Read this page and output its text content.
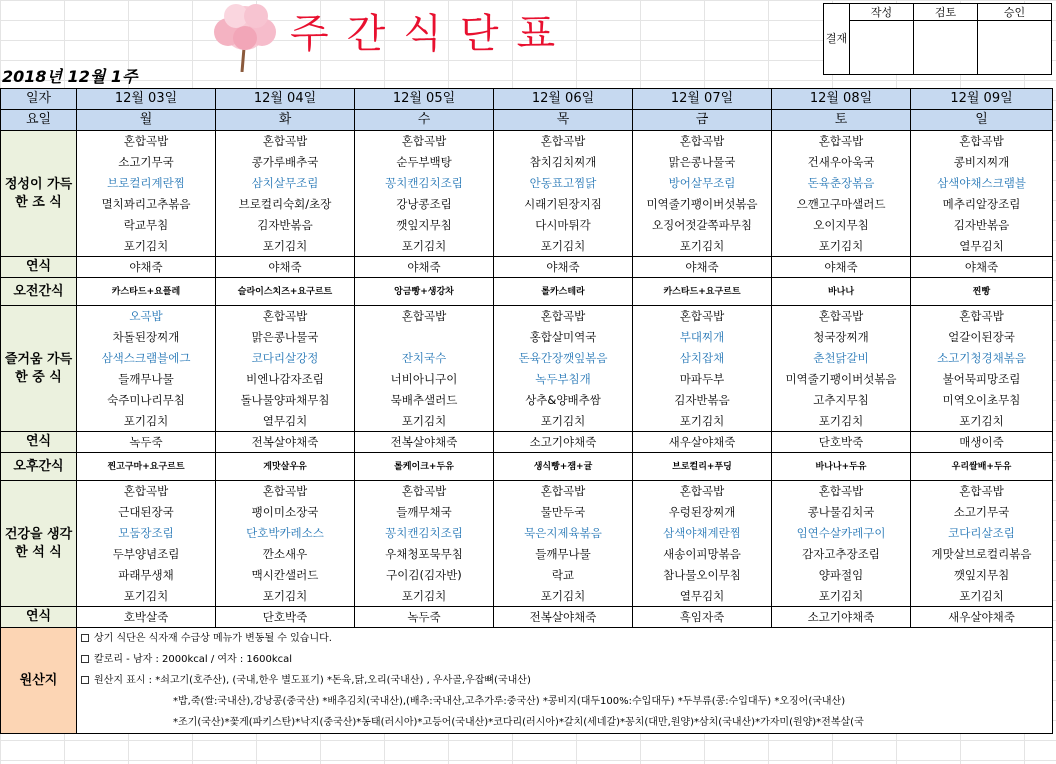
주간식단표
2018년 12월 1주
결재	작성	검토	승인

일자	12월 03일	12월 04일	12월 05일	12월 06일	12월 07일	12월 08일	12월 09일
요일	월	화	수	목	금	토	일
정성이 가득한 조 식	혼합곡밥	혼합곡밥	혼합곡밥	혼합곡밥	혼합곡밥	혼합곡밥	혼합곡밥
	소고기무국	콩가루배추국	순두부백탕	참치김치찌개	맑은콩나물국	건새우아욱국	콩비지찌개
	브로컬리계란찜	삼치살무조림	꽁치캔김치조림	안동표고찜닭	방어살무조림	돈육춘장볶음	삼색야채스크램블
	멸치꽈리고추볶음	브로컬리숙회/초장	강낭콩조림	시래기된장지짐	미역줄기팽이버섯볶음	으깬고구마샐러드	메추리알장조림
	락교무침	김자반볶음	깻잎지무침	다시마튀각	오징어젓갈쪽파무침	오이지무침	김자반볶음
	포기김치	포기김치	포기김치	포기김치	포기김치	포기김치	열무김치
연식	야채죽	야채죽	야채죽	야채죽	야채죽	야채죽	야채죽
오전간식	카스타드+요플레	슬라이스치즈+요구르트	앙금빵+생강차	롤카스테라	카스타드+요구르트	바나나	찐빵
즐거움 가득한 중 식	오곡밥	혼합곡밥	혼합곡밥	혼합곡밥	혼합곡밥	혼합곡밥	혼합곡밥
	차돌된장찌개	맑은콩나물국		홍합살미역국	부대찌개	청국장찌개	얼갈이된장국
	삼색스크램블에그	코다리살강정	잔치국수	돈육간장깻잎볶음	삼치잡채	춘천닭갈비	소고기청경채볶음
	들깨무나물	비엔나감자조림	너비아니구이	녹두부침개	마파두부	미역줄기팽이버섯볶음	불어묵피망조림
	숙주미나리무침	돌나물양파채무침	묵배추샐러드	상추&양배추쌈	김자반볶음	고추지무침	미역오이초무침
	포기김치	열무김치	포기김치	포기김치	포기김치	포기김치	포기김치
연식	녹두죽	전복살야채죽	전복살야채죽	소고기야채죽	새우살야채죽	단호박죽	매생이죽
오후간식	찐고구마+요구르트	게맛살우유	롤케이크+두유	생식빵+잼+귤	브로컬리+푸딩	바나나+두유	우리쌀배+두유
건강을 생각한 석 식	혼합곡밥	혼합곡밥	혼합곡밥	혼합곡밥	혼합곡밥	혼합곡밥	혼합곡밥
	근대된장국	팽이미소장국	들깨무채국	물만두국	우렁된장찌개	콩나물김치국	소고기무국
	모둠장조림	단호박카레소스	꽁치캔김치조림	묵은지제육볶음	삼색야채계란찜	임연수살카레구이	코다리살조림
	두부양념조림	깐소새우	우채청포묵무침	들깨무나물	새송이피망볶음	감자고추장조림	게맛살브로컬리볶음
	파래무생채	맥시칸샐러드	구이김(김자반)	락교	참나물오이무침	양파절임	깻잎지무침
	포기김치	포기김치	포기김치	포기김치	열무김치	포기김치	포기김치
연식	호박살죽	단호박죽	녹두죽	전복살야채죽	흑임자죽	소고기야채죽	새우살야채죽
원산지	상기 식단은 식자재 수급상 메뉴가 변동될 수 있습니다.
칼로리 - 남자 : 2000kcal / 여자 : 1600kcal
원산지 표시 : *쇠고기(호주산), (국내,한우 별도표기) *돈육,닭,오리(국내산) , 우사골,우잡뼈(국내산)
*밥,죽(쌀:국내산),강낭콩(중국산) *배추김치(국내산),(배추:국내산,고추가루:중국산) *콩비지(대두100%:수입대두) *두부류(콩:수입대두) *오징어(국내산)
*조기(국산)*꽃게(파키스탄)*낙지(중국산)*동태(러시아)*고등어(국내산)*코다리(러시아)*갈치(세네갈)*꽁치(대만,원양)*삼치(국내산)*가자미(원양)*전복살(국						
